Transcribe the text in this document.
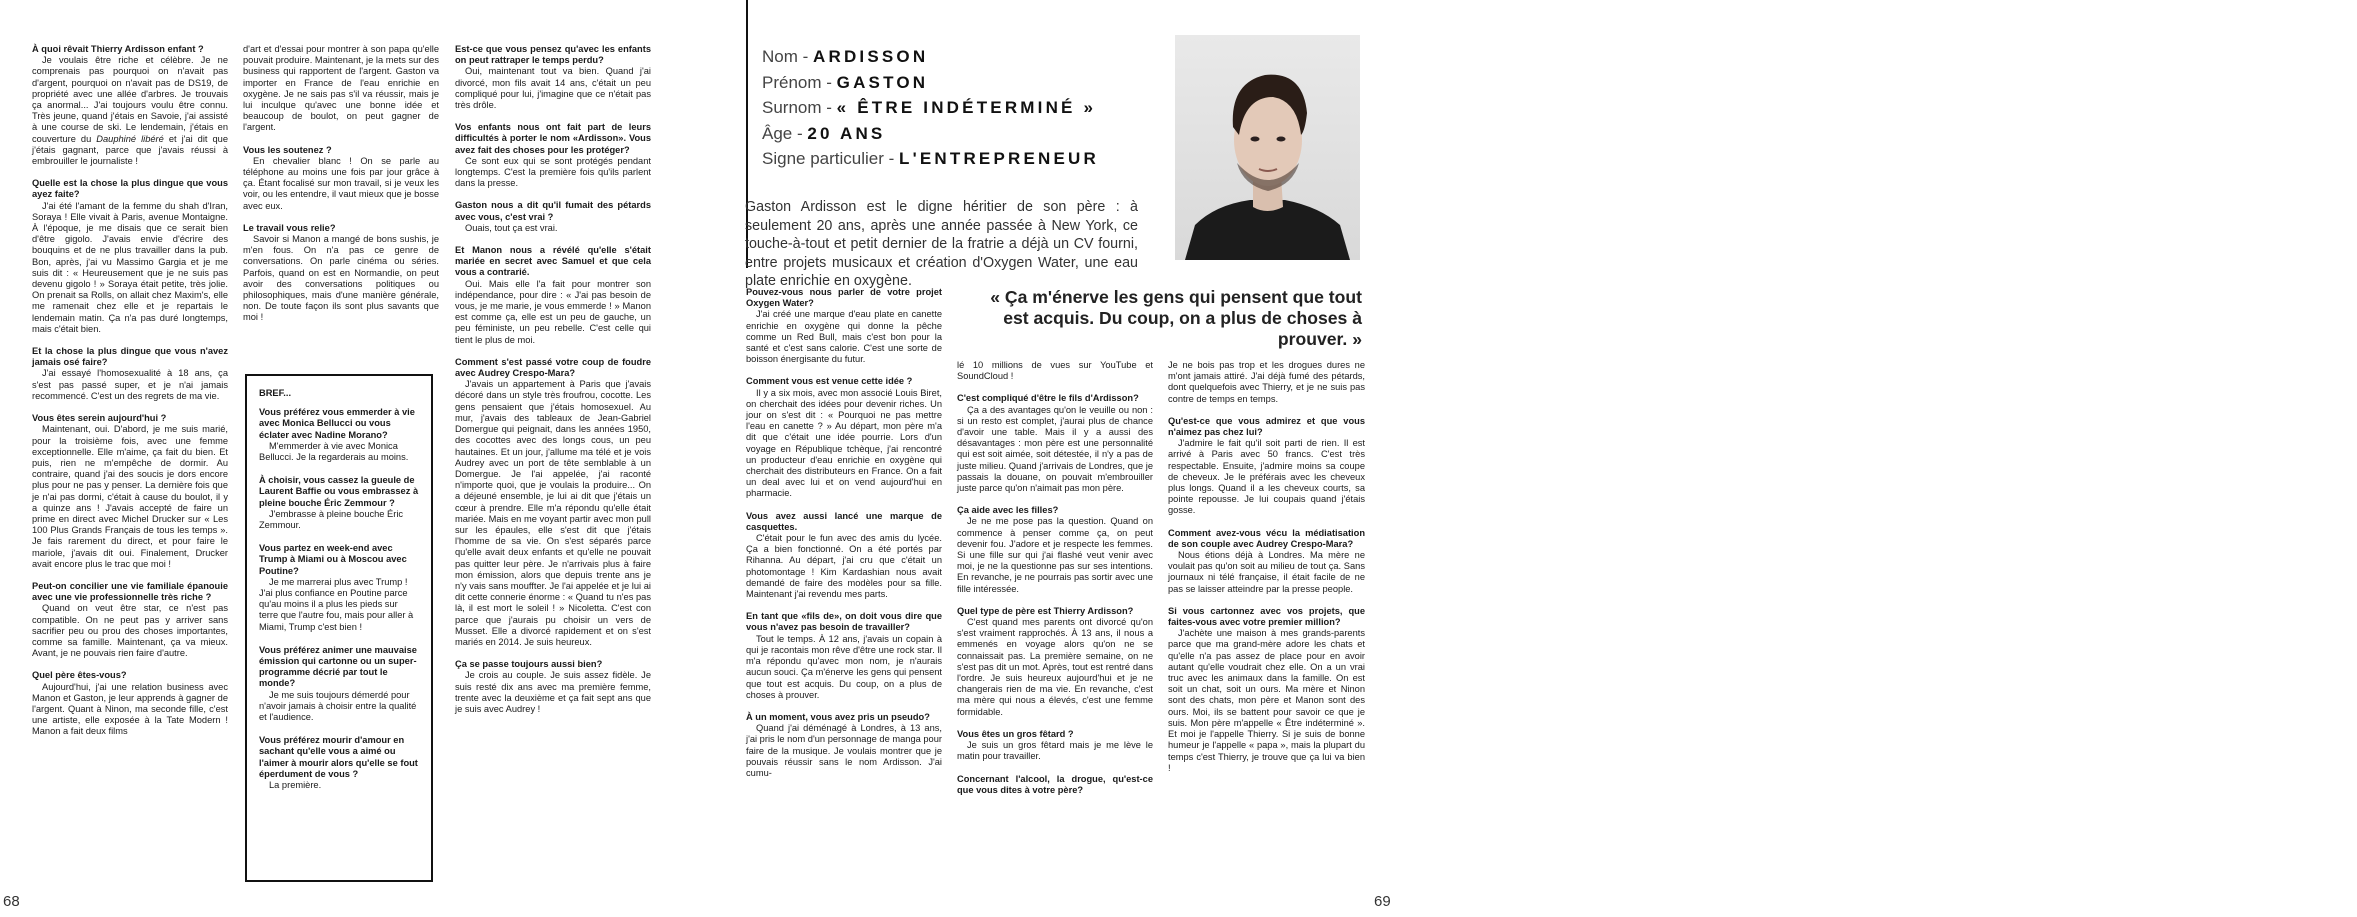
À quoi rêvait Thierry Ardisson enfant ?

Je voulais être riche et célèbre. Je ne comprenais pas pourquoi on n'avait pas d'argent, pourquoi on n'avait pas de DS19, de propriété avec une allée d'arbres. Je trouvais ça anormal... J'ai toujours voulu être connu. Très jeune, quand j'étais en Savoie, j'ai assisté à une course de ski. Le lendemain, j'étais en couverture du Dauphiné libéré et j'ai dit que j'étais gagnant, parce que j'avais réussi à embrouiller le journaliste !

Quelle est la chose la plus dingue que vous ayez faite?

J'ai été l'amant de la femme du shah d'Iran, Soraya ! Elle vivait à Paris, avenue Montaigne. À l'époque, je me disais que ce serait bien d'être gigolo. J'avais envie d'écrire des bouquins et de ne plus travailler dans la pub. Bon, après, j'ai vu Massimo Gargia et je me suis dit : « Heureusement que je ne suis pas devenu gigolo ! » Soraya était petite, très jolie. On prenait sa Rolls, on allait chez Maxim's, elle me ramenait chez elle et je repartais le lendemain matin. Ça n'a pas duré longtemps, mais c'était bien.

Et la chose la plus dingue que vous n'avez jamais osé faire?

J'ai essayé l'homosexualité à 18 ans, ça s'est pas passé super, et je n'ai jamais recommencé. C'est un des regrets de ma vie.

Vous êtes serein aujourd'hui ?

Maintenant, oui. D'abord, je me suis marié, pour la troisième fois, avec une femme exceptionnelle. Elle m'aime, ça fait du bien. Et puis, rien ne m'empêche de dormir. Au contraire, quand j'ai des soucis je dors encore plus pour ne pas y penser. La dernière fois que je n'ai pas dormi, c'était à cause du boulot, il y a quinze ans ! J'avais accepté de faire un prime en direct avec Michel Drucker sur « Les 100 Plus Grands Français de tous les temps ». Je fais rarement du direct, et pour faire le mariole, j'avais dit oui. Finalement, Drucker avait encore plus le trac que moi !

Peut-on concilier une vie familiale épanouie avec une vie professionnelle très riche ?

Quand on veut être star, ce n'est pas compatible. On ne peut pas y arriver sans sacrifier peu ou prou des choses importantes, comme sa famille. Maintenant, ça va mieux. Avant, je ne pouvais rien faire d'autre.

Quel père êtes-vous?

Aujourd'hui, j'ai une relation business avec Manon et Gaston, je leur apprends à gagner de l'argent. Quant à Ninon, ma seconde fille, c'est une artiste, elle exposée à la Tate Modern ! Manon a fait deux films

d'art et d'essai pour montrer à son papa qu'elle pouvait produire. Maintenant, je la mets sur des business qui rapportent de l'argent. Gaston va importer en France de l'eau enrichie en oxygène. Je ne sais pas s'il va réussir, mais je lui inculque qu'avec une bonne idée et beaucoup de boulot, on peut gagner de l'argent.

Vous les soutenez ?

En chevalier blanc ! On se parle au téléphone au moins une fois par jour grâce à ça. Étant focalisé sur mon travail, si je veux les voir, ou les entendre, il vaut mieux que je bosse avec eux.

Le travail vous relie?

Savoir si Manon a mangé de bons sushis, je m'en fous. On n'a pas ce genre de conversations. On parle cinéma ou séries. Parfois, quand on est en Normandie, on peut avoir des conversations politiques ou philosophiques, mais d'une manière générale, non. De toute façon ils sont plus savants que moi !

BREF...

Vous préférez vous emmerder à vie avec Monica Bellucci ou vous éclater avec Nadine Morano?

M'emmerder à vie avec Monica Bellucci. Je la regarderais au moins.

À choisir, vous cassez la gueule de Laurent Baffie ou vous embrassez à pleine bouche Éric Zemmour ?

J'embrasse à pleine bouche Éric Zemmour.

Vous partez en week-end avec Trump à Miami ou à Moscou avec Poutine?

Je me marrerai plus avec Trump ! J'ai plus confiance en Poutine parce qu'au moins il a plus les pieds sur terre que l'autre fou, mais pour aller à Miami, Trump c'est bien !

Vous préférez animer une mauvaise émission qui cartonne ou un super-programme décrié par tout le monde?

Je me suis toujours démerdé pour n'avoir jamais à choisir entre la qualité et l'audience.

Vous préférez mourir d'amour en sachant qu'elle vous a aimé ou l'aimer à mourir alors qu'elle se fout éperdument de vous ?

La première.

Est-ce que vous pensez qu'avec les enfants on peut rattraper le temps perdu?

Oui, maintenant tout va bien. Quand j'ai divorcé, mon fils avait 14 ans, c'était un peu compliqué pour lui, j'imagine que ce n'était pas très drôle.

Vos enfants nous ont fait part de leurs difficultés à porter le nom «Ardisson». Vous avez fait des choses pour les protéger?

Ce sont eux qui se sont protégés pendant longtemps. C'est la première fois qu'ils parlent dans la presse.

Gaston nous a dit qu'il fumait des pétards avec vous, c'est vrai ?

Ouais, tout ça est vrai.

Et Manon nous a révélé qu'elle s'était mariée en secret avec Samuel et que cela vous a contrarié.

Oui. Mais elle l'a fait pour montrer son indépendance, pour dire : « J'ai pas besoin de vous, je me marie, je vous emmerde ! » Manon est comme ça, elle est un peu de gauche, un peu féministe, un peu rebelle. C'est celle qui tient le plus de moi.

Comment s'est passé votre coup de foudre avec Audrey Crespo-Mara?

J'avais un appartement à Paris que j'avais décoré dans un style très froufrou, cocotte. Les gens pensaient que j'étais homosexuel. Au mur, j'avais des tableaux de Jean-Gabriel Domergue qui peignait, dans les années 1950, des cocottes avec des longs cous, un peu hautaines. Et un jour, j'allume ma télé et je vois Audrey avec un port de tête semblable à un Domergue. Je l'ai appelée, j'ai raconté n'importe quoi, que je voulais la produire... On a déjeuné ensemble, je lui ai dit que j'étais un cœur à prendre. Elle m'a répondu qu'elle était mariée. Mais en me voyant partir avec mon pull sur les épaules, elle s'est dit que j'étais l'homme de sa vie. On s'est séparés parce qu'elle avait deux enfants et qu'elle ne pouvait pas quitter leur père. Je n'arrivais plus à faire mon émission, alors que depuis trente ans je n'y vais sans mouffter. Je l'ai appelée et je lui ai dit cette connerie énorme : « Quand tu n'es pas là, il est mort le soleil ! » Nicoletta. C'est con parce que j'aurais pu choisir un vers de Musset. Elle a divorcé rapidement et on s'est mariés en 2014. Je suis heureux.

Ça se passe toujours aussi bien?

Je crois au couple. Je suis assez fidèle. Je suis resté dix ans avec ma première femme, trente avec la deuxième et ça fait sept ans que je suis avec Audrey !

68
Nom - ARDISSON
Prénom - GASTON
Surnom - « ÊTRE INDÉTERMINÉ »
Âge - 20 ANS
Signe particulier - L'ENTREPRENEUR
© Thomas Babeau
Gaston Ardisson est le digne héritier de son père : à seulement 20 ans, après une année passée à New York, ce touche-à-tout et petit dernier de la fratrie a déjà un CV fourni, entre projets musicaux et création d'Oxygen Water, une eau plate enrichie en oxygène.
« Ça m'énerve les gens qui pensent que tout est acquis. Du coup, on a plus de choses à prouver. »

Pouvez-vous nous parler de votre projet Oxygen Water?

J'ai créé une marque d'eau plate en canette enrichie en oxygène qui donne la pêche comme un Red Bull, mais c'est bon pour la santé et c'est sans calorie. C'est une sorte de boisson énergisante du futur.

Comment vous est venue cette idée ?

Il y a six mois, avec mon associé Louis Biret, on cherchait des idées pour devenir riches. Un jour on s'est dit : « Pourquoi ne pas mettre l'eau en canette ? » Au départ, mon père m'a dit que c'était une idée pourrie. Lors d'un voyage en République tchèque, j'ai rencontré un producteur d'eau enrichie en oxygène qui cherchait des distributeurs en France. On a fait un deal avec lui et on vend aujourd'hui en pharmacie.

Vous avez aussi lancé une marque de casquettes.

C'était pour le fun avec des amis du lycée. Ça a bien fonctionné. On a été portés par Rihanna. Au départ, j'ai cru que c'était un photomontage ! Kim Kardashian nous avait demandé de faire des modèles pour sa fille. Maintenant j'ai revendu mes parts.

En tant que «fils de», on doit vous dire que vous n'avez pas besoin de travailler?

Tout le temps. À 12 ans, j'avais un copain à qui je racontais mon rêve d'être une rock star. Il m'a répondu qu'avec mon nom, je n'aurais aucun souci. Ça m'énerve les gens qui pensent que tout est acquis. Du coup, on a plus de choses à prouver.

À un moment, vous avez pris un pseudo?

Quand j'ai déménagé à Londres, à 13 ans, j'ai pris le nom d'un personnage de manga pour faire de la musique. Je voulais montrer que je pouvais réussir sans le nom Ardisson. J'ai cumu-

lé 10 millions de vues sur YouTube et SoundCloud !

C'est compliqué d'être le fils d'Ardisson?

Ça a des avantages qu'on le veuille ou non : si un resto est complet, j'aurai plus de chance d'avoir une table. Mais il y a aussi des désavantages : mon père est une personnalité qui est soit aimée, soit détestée, il n'y a pas de juste milieu. Quand j'arrivais de Londres, que je passais la douane, on pouvait m'embrouiller juste parce qu'on n'aimait pas mon père.

Ça aide avec les filles?

Je ne me pose pas la question. Quand on commence à penser comme ça, on peut devenir fou. J'adore et je respecte les femmes. Si une fille sur qui j'ai flashé veut venir avec moi, je ne la questionne pas sur ses intentions. En revanche, je ne pourrais pas sortir avec une fille intéressée.

Quel type de père est Thierry Ardisson?

C'est quand mes parents ont divorcé qu'on s'est vraiment rapprochés. À 13 ans, il nous a emmenés en voyage alors qu'on ne se connaissait pas. La première semaine, on ne s'est pas dit un mot. Après, tout est rentré dans l'ordre. Je suis heureux aujourd'hui et je ne changerais rien de ma vie. En revanche, c'est ma mère qui nous a élevés, c'est une femme formidable.

Vous êtes un gros fêtard ?

Je suis un gros fêtard mais je me lève le matin pour travailler.

Concernant l'alcool, la drogue, qu'est-ce que vous dites à votre père?

Je ne bois pas trop et les drogues dures ne m'ont jamais attiré. J'ai déjà fumé des pétards, dont quelquefois avec Thierry, et je ne suis pas contre de temps en temps.

Qu'est-ce que vous admirez et que vous n'aimez pas chez lui?

J'admire le fait qu'il soit parti de rien. Il est arrivé à Paris avec 50 francs. C'est très respectable. Ensuite, j'admire moins sa coupe de cheveux. Je le préférais avec les cheveux plus longs. Quand il a les cheveux courts, sa pointe repousse. Je lui coupais quand j'étais gosse.

Comment avez-vous vécu la médiatisation de son couple avec Audrey Crespo-Mara?

Nous étions déjà à Londres. Ma mère ne voulait pas qu'on soit au milieu de tout ça. Sans journaux ni télé française, il était facile de ne pas se laisser atteindre par la presse people.

Si vous cartonnez avec vos projets, que faites-vous avec votre premier million?

J'achète une maison à mes grands-parents parce que ma grand-mère adore les chats et qu'elle n'a pas assez de place pour en avoir autant qu'elle voudrait chez elle. On a un vrai truc avec les animaux dans la famille. On est soit un chat, soit un ours. Ma mère et Ninon sont des chats, mon père et Manon sont des ours. Moi, ils se battent pour savoir ce que je suis. Mon père m'appelle « Être indéterminé ». Et moi je l'appelle Thierry. Si je suis de bonne humeur je l'appelle « papa », mais la plupart du temps c'est Thierry, je trouve que ça lui va bien !

69
